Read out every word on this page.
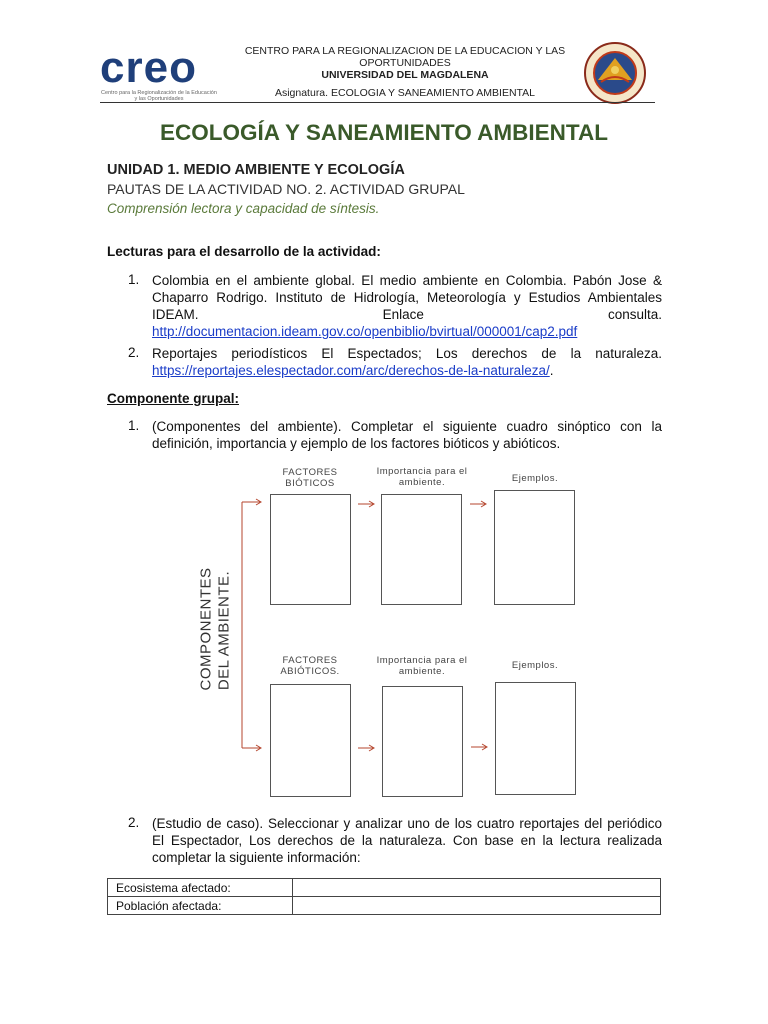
creo
Centro para la Regionalización de la Educación y las Oportunidades
CENTRO PARA LA REGIONALIZACION DE LA EDUCACION Y LAS
OPORTUNIDADES
UNIVERSIDAD DEL MAGDALENA
Asignatura. ECOLOGIA Y SANEAMIENTO AMBIENTAL
ECOLOGÍA Y SANEAMIENTO AMBIENTAL
UNIDAD 1. MEDIO AMBIENTE Y ECOLOGÍA
PAUTAS DE LA ACTIVIDAD NO. 2. ACTIVIDAD GRUPAL
Comprensión lectora y capacidad de síntesis.
Lecturas para el desarrollo de la actividad:
1. Colombia en el ambiente global. El medio ambiente en Colombia. Pabón Jose &
Chaparro Rodrigo. Instituto de Hidrología, Meteorología y Estudios Ambientales
IDEAM.	Enlace	consulta.
http://documentacion.ideam.gov.co/openbiblio/bvirtual/000001/cap2.pdf
2. Reportajes periodísticos El Espectados; Los derechos de la naturaleza.
https://reportajes.elespectador.com/arc/derechos-de-la-naturaleza/.
Componente grupal:
1. (Componentes del ambiente). Completar el siguiente cuadro sinóptico con la
definición, importancia y ejemplo de los factores bióticos y abióticos.
COMPONENTES DEL AMBIENTE.
FACTORES
BIÓTICOS
Importancia para el
ambiente.	Ejemplos.
FACTORES
ABIÓTICOS.
Importancia para el
ambiente.
Ejemplos.
2. (Estudio de caso). Seleccionar y analizar uno de los cuatro reportajes del periódico
El Espectador, Los derechos de la naturaleza. Con base en la lectura realizada
completar la siguiente información:
Ecosistema afectado:	
Población afectada:	
